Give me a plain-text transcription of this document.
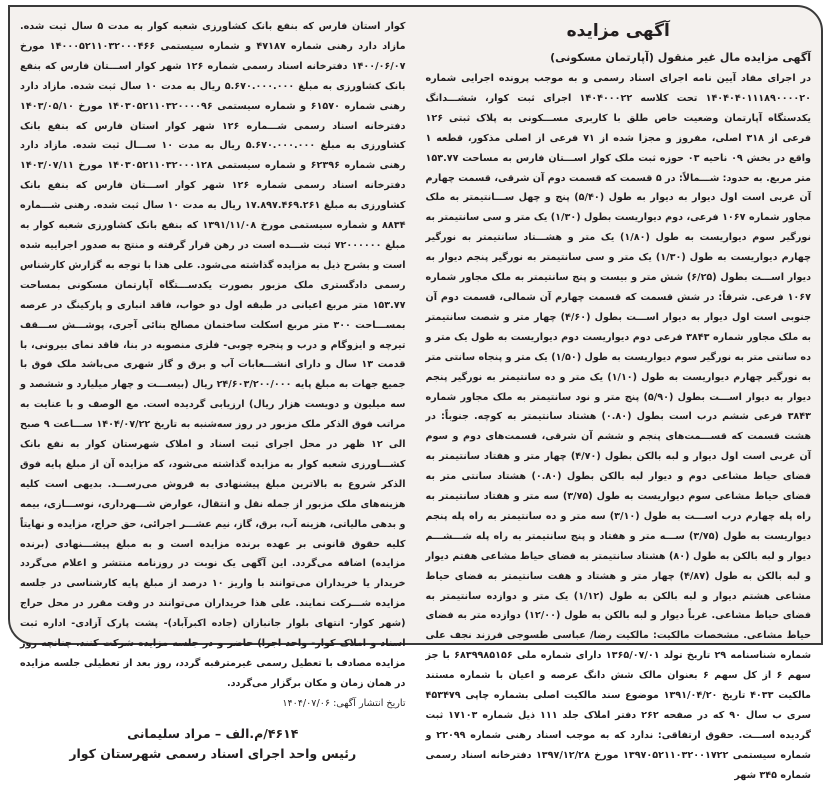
آگهی مزایده
آگهی مزایده مال غیر منقول (آپارتمان مسکونی)

در اجرای مفاد آیین نامه اجرای اسناد رسمی و به موجب پرونده اجرایی شماره ۱۴۰۴۰۴۰۱۱۱۸۹۰۰۰۰۲۰ تحت کلاسه ۱۴۰۴۰۰۰۲۲ اجرای ثبت کوار، ششـــدانگ یکدستگاه آپارتمان وضعیت خاص طلق با کاربری مســـکونی به پلاک ثبتی ۱۲۶ فرعی از ۳۱۸ اصلی، مفروز و مجزا شده از ۷۱ فرعی از اصلی مذکور، قطعه ۱ واقع در بخش ۰۹ ناحیه ۰۳ حوزه ثبت ملک کوار اســـتان فارس به مساحت ۱۵۳.۷۷ متر مربع. به حدود: شـــمالاً: در ۵ قسمت که قسمت دوم آن شرقی، قسمت چهارم آن غربی است اول دیوار به دیوار به طول (۵/۴۰) پنج و چهل ســـانتیمتر به ملک مجاور شماره ۱۰۶۷ فرعی، دوم دیواریست بطول (۱/۳۰) یک متر و سی سانتیمتر به نورگیر سوم دیواریست به طول (۱/۸۰) یک متر و هشـــتاد سانتیمتر به نورگیر چهارم دیواریست به طول (۱/۳۰) یک متر و سی سانتیمتر به نورگیر پنجم دیوار به دیوار اســـت بطول (۶/۲۵) شش متر و بیست و پنج سانتیمتر به ملک مجاور شماره ۱۰۶۷ فرعی. شرقاً: در شش قسمت که قسمت چهارم آن شمالی، قسمت دوم آن جنوبی است اول دیوار به دیوار اســـت بطول (۴/۶۰) چهار متر و شصت سانتیمتر به ملک مجاور شماره ۳۸۴۳ فرعی دوم دیواریست دوم دیواریست به طول یک متر و ده سانتی متر به نورگیر سوم دیواریست به طول (۱/۵۰) یک متر و پنجاه سانتی متر به نورگیر چهارم دیواریست به طول (۱/۱۰) یک متر و ده سانتیمتر به نورگیر پنجم دیوار به دیوار اســـت بطول (۵/۹۰) پنج متر و نود سانتیمتر به ملک مجاور شماره ۳۸۴۳ فرعی ششم درب است بطول (۰.۸۰) هشتاد سانتیمتر به کوچه. جنوباً: در هشت قسمت که قســـمت‌های پنجم و ششم آن شرقی، قسمت‌های دوم و سوم آن غربی است اول دیوار و لبه بالکن بطول (۴/۷۰) چهار متر و هفتاد سانتیمتر به فضای حیاط مشاعی دوم و دیوار لبه بالکن بطول (۰.۸۰) هشتاد سانتی متر به فضای حیاط مشاعی سوم دیواریست به طول (۳/۷۵) سه متر و هفتاد سانتیمتر به راه پله چهارم درب اســـت به طول (۳/۱۰) سه متر و ده سانتیمتر به راه پله پنجم دیواریست به طول (۳/۷۵) ســـه متر و هفتاد و پنج سانتیمتر به راه پله شـــشـــم دیوار و لبه بالکن به طول (۸۰) هشتاد سانتیمتر به فضای حیاط مشاعی هفتم دیوار و لبه بالکن به طول (۴/۸۷) چهار متر و هشتاد و هفت سانتیمتر به فضای حیاط مشاعی هشتم دیوار و لبه بالکن به طول (۱/۱۲) یک متر و دوازده سانتیمتر به فضای حیاط مشاعی. غرباً دیوار و لبه بالکن به طول (۱۲/۰۰) دوازده متر به فضای حیاط مشاعی. مشخصات مالکیت: مالکیت رضا/ عباسی طسوجی فرزند نجف علی شماره شناسنامه ۲۹ تاریخ تولد ۱۳۶۵/۰۷/۰۱ دارای شماره ملی ۶۸۳۹۹۸۵۱۵۶ با جز سهم ۶ از کل سهم ۶ بعنوان مالک شش دانگ عرصه و اعیان با شماره مستند مالکیت ۴۰۳۳ تاریخ ۱۳۹۱/۰۴/۲۰ موضوع سند مالکیت اصلی بشماره چاپی ۴۵۳۴۷۹ سری ب سال ۹۰ که در صفحه ۲۶۲ دفتر املاک جلد ۱۱۱ ذیل شماره ۱۷۱۰۳ ثبت گردیده اســـت. حقوق ارتفاقی: ندارد که به موجب اسناد رهنی شماره ۲۲۰۹۹ و شماره سیستمی ۱۳۹۷۰۵۲۱۱۰۳۲۰۰۱۷۲۲ مورخ ۱۳۹۷/۱۲/۲۸ دفترخانه اسناد رسمی شماره ۳۴۵ شهر

کوار استان فارس که بنفع بانک کشاورزی شعبه کوار به مدت ۵ سال ثبت شده. مازاد دارد رهنی شماره ۴۷۱۸۷ و شماره سیستمی ۱۴۰۰۰۵۲۱۱۰۳۲۰۰۰۴۶۶ مورخ ۱۴۰۰/۰۶/۰۷ دفترخانه اسناد رسمی شماره ۱۲۶ شهر کوار اســـتان فارس که بنفع بانک کشاورزی به مبلغ ۵.۶۷۰.۰۰۰.۰۰۰ ریال به مدت ۱۰ سال ثبت شده. مازاد دارد رهنی شماره ۶۱۵۷۰ و شماره سیستمی ۱۴۰۳۰۵۲۱۱۰۳۲۰۰۰۰۹۶ مورخ ۱۴۰۳/۰۵/۱۰ دفترخانه اسناد رسمی شـــماره ۱۲۶ شهر کوار استان فارس که بنفع بانک کشاورزی به مبلغ ۵.۶۷۰.۰۰۰.۰۰۰ ریال به مدت ۱۰ ســـال ثبت شده. مازاد دارد رهنی شماره ۶۲۳۹۶ و شماره سیستمی ۱۴۰۳۰۵۲۱۱۰۳۲۰۰۰۱۲۸ مورخ ۱۴۰۳/۰۷/۱۱ دفترخانه اسناد رسمی شماره ۱۲۶ شهر کوار اســـتان فارس که بنفع بانک کشاورزی به مبلغ ۱۷.۸۹۷.۴۶۹.۲۶۱ ریال به مدت ۱۰ سال ثبت شده. رهنی شـــماره ۸۸۳۴ و شماره سیستمی مورخ ۱۳۹۱/۱۱/۰۸ که بنفع بانک کشاورزی شعبه کوار به مبلغ ۷۲۰۰۰۰۰۰ ثبت شـــده است در رهن قرار گرفته و منتج به صدور اجراییه شده است و بشرح ذیل به مزایده گذاشته می‌شود. علی هذا با توجه به گزارش کارشناس رسمی دادگستری ملک مزبور بصورت یکدســـتگاه آپارتمان مسکونی بمساحت ۱۵۳.۷۷ متر مربع اعیانی در طبقه اول دو خواب، فاقد انباری و پارکینگ در عرصه بمســـاحت ۳۰۰ متر مربع اسکلت ساختمان مصالح بنائی آجری، پوشـــش ســـقف تیرچه و ایزوگام و درب و پنجره چوبی- فلزی منصوبه در بنا، فاقد نمای بیرونی، با قدمت ۱۳ سال و دارای انشـــعابات آب و برق و گاز شهری می‌باشد ملک فوق با جمیع جهات به مبلغ پایه ۲۴/۶۰۳/۲۰۰/۰۰۰ ریال (بیســـت و چهار میلیارد و ششصد و سه میلیون و دویست هزار ریال) ارزیابی گردیده است. مع الوصف و با عنایت به مراتب فوق الذکر ملک مزبور در روز سه‌شنبه به تاریخ ۱۴۰۴/۰۷/۲۲ ســـاعت ۹ صبح الی ۱۲ ظهر در محل اجرای ثبت اسناد و املاک شهرستان کوار به نفع بانک کشـــاورزی شعبه کوار به مزایده گذاشته می‌شود، که مزایده آن از مبلغ پایه فوق الذکر شروع به بالاترین مبلغ پیشنهادی به فروش می‌رســـد. بدیهی است کلیه هزینه‌های ملک مزبور از جمله نقل و انتقال، عوارض شـــهرداری، نوســـازی، بیمه و بدهی مالیاتی، هزینه آب، برق، گاز، نیم عشـــر اجرائی، حق حراج، مزایده و نهایتاً کلیه حقوق قانونی بر عهده برنده مزایده است و به مبلغ پیشـــنهادی (برنده مزایده) اضافه می‌گردد. این آگهی یک نوبت در روزنامه منتشر و اعلام می‌گردد خریدار یا خریداران می‌توانند با واریز ۱۰ درصد از مبلغ پایه کارشناسی در جلسه مزایده شـــرکت نمایند. علی هذا خریداران می‌توانند در وقت مقرر در محل حراج (شهر کوار- انتهای بلوار جانبازان (جاده اکبرآباد)- پشت پارک آزادی- اداره ثبت اسناد و املاک کوار- واحد اجرا) حاضر و در جلسه مزایده شرکت کنند. چنانچه روز مزایده مصادف با تعطیل رسمی غیرمترقبه گردد، روز بعد از تعطیلی جلسه مزایده در همان زمان و مکان برگزار می‌گردد.

تاریخ انتشار آگهی: ۱۴۰۴/۰۷/۰۶
۴۶۱۴/م.الف – مراد سلیمانی
رئیس واحد اجرای اسناد رسمی شهرستان کوار
